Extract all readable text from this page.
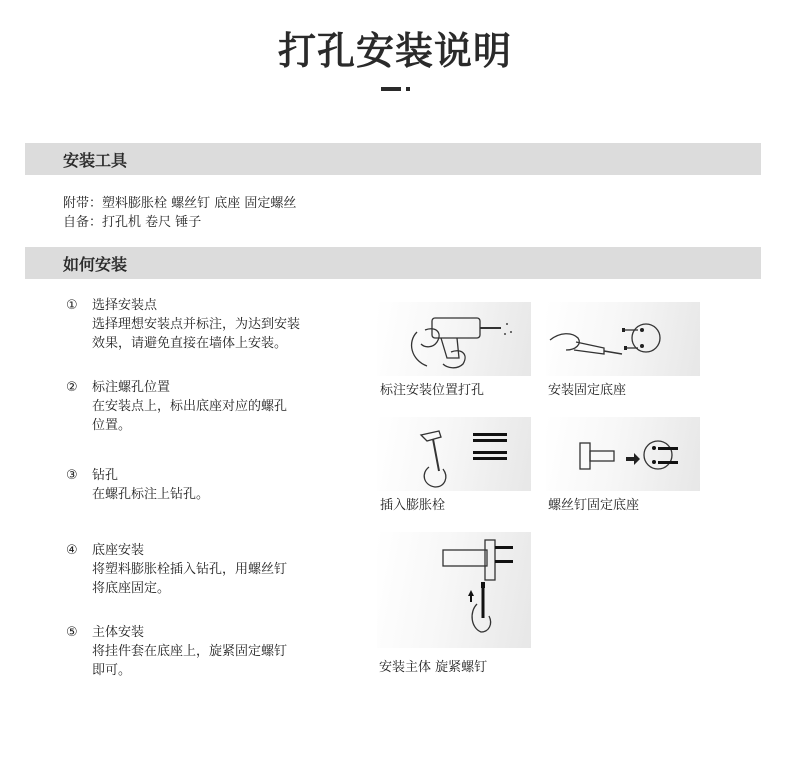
打孔安装说明
安装工具
附带：塑料膨胀栓 螺丝钉 底座 固定螺丝
自备：打孔机 卷尺 锤子
如何安装
① 选择安装点
选择理想安装点并标注，为达到安装
效果，请避免直接在墙体上安装。
② 标注螺孔位置
在安装点上，标出底座对应的螺孔
位置。
③ 钻孔
在螺孔标注上钻孔。
④ 底座安装
将塑料膨胀栓插入钻孔，用螺丝钉
将底座固定。
⑤ 主体安装
将挂件套在底座上，旋紧固定螺钉
即可。
标注安装位置打孔	安装固定底座
插入膨胀栓	螺丝钉固定底座
安装主体 旋紧螺钉
